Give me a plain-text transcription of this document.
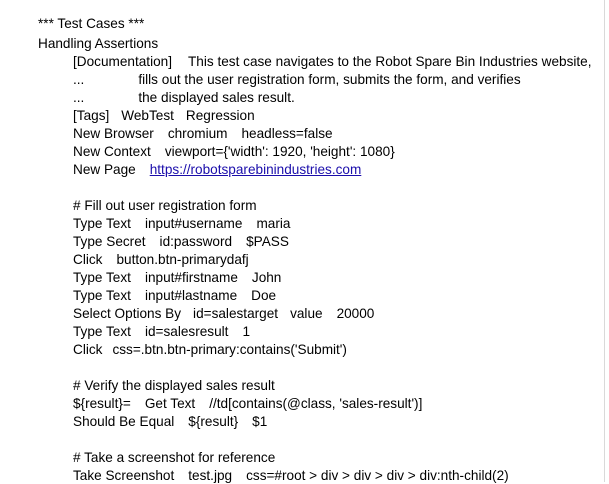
*** Test Cases ***
Handling Assertions
[Documentation] This test case navigates to the Robot Spare Bin Industries website,
...	fills out the user registration form, submits the form, and verifies
...	the displayed sales result.
[Tags] WebTest Regression
New Browser chromium headless=false
New Context viewport={'width': 1920, 'height': 1080}
New Page https://robotsparebinindustries.com
# Fill out user registration form
Type Text input#username maria
Type Secret id:password $PASS
Click button.btn-primarydafj
Type Text input#firstname John
Type Text input#lastname Doe
Select Options By id=salestarget value 20000
Type Text id=salesresult 1
Click css=.btn.btn-primary:contains('Submit')
# Verify the displayed sales result
${result}= Get Text //td[contains(@class, 'sales-result')]
Should Be Equal ${result} $1
# Take a screenshot for reference
Take Screenshot test.jpg css=#root > div > div > div > div:nth-child(2)
